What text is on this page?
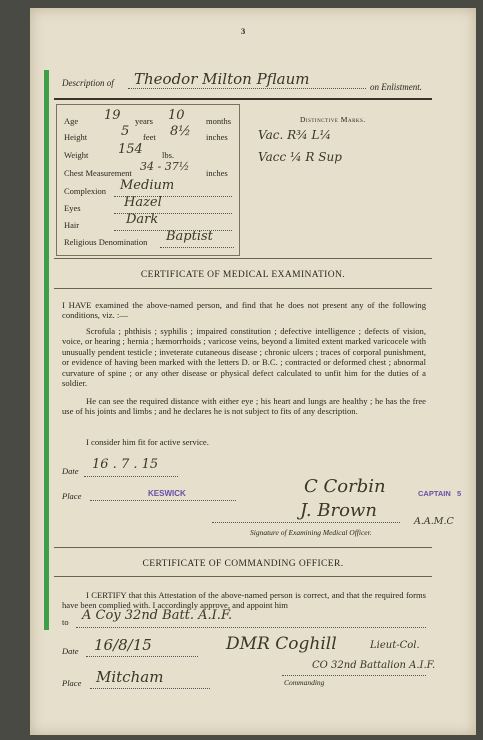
3
Description of Theodor Milton Pflaum	on Enlistment.
Age 19 years 10	months
Height	5 feet 8½ inches
Weight 154 lbs.
Chest Measurement 34 - 37½ inches
Complexion Medium
Eyes	Hazel
Hair	Dark
Religious Denomination Baptist
Distinctive Marks.
Vac. R¾ L¼
Vacc ¼ R Sup
CERTIFICATE OF MEDICAL EXAMINATION.
I HAVE examined the above-named person, and find that he does not present any of the following conditions, viz. :—
Scrofula ; phthisis ; syphilis ; impaired constitution ; defective intelligence ; defects of vision, voice, or hearing ; hernia ; hæmorrhoids ; varicose veins, beyond a limited extent marked varicocele with unusually pendent testicle ; inveterate cutaneous disease ; chronic ulcers ; traces of corporal punishment, or evidence of having been marked with the letters D. or B.C. ; contracted or deformed chest ; abnormal curvature of spine ; or any other disease or physical defect calculated to unfit him for the duties of a soldier.
He can see the required distance with either eye ; his heart and lungs are healthy ; he has the free use of his joints and limbs ; and he declares he is not subject to fits of any description.
I consider him fit for active service.
Date 16 . 7 . 15
Place	KESWICK	C Corbin	CAPTAIN 5
J. Brown
A.A.M.C
Signature of Examining Medical Officer.
CERTIFICATE OF COMMANDING OFFICER.
I CERTIFY that this Attestation of the above-named person is correct, and that the required forms have been complied with. I accordingly approve, and appoint him
to A Coy 32nd Batt. A.I.F.
Date 16/8/15	DMR Coghill	Lieut-Col.
CO 32nd Battalion A.I.F.
Place Mitcham	Commanding
